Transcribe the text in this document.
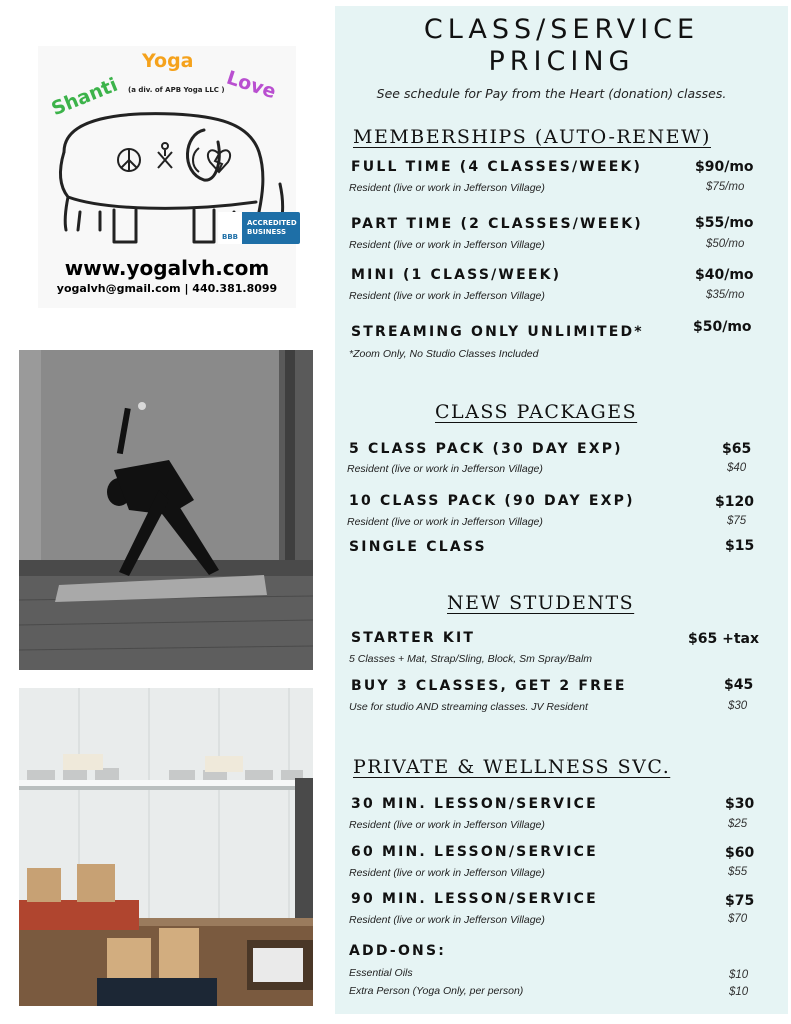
Shanti
Yoga
Love
(a div. of APB Yoga LLC )
BBB
ACCREDITED
BUSINESS
www.yogalvh.com
yogalvh@gmail.com | 440.381.8099
CLASS/SERVICE
PRICING
See schedule for Pay from the Heart (donation) classes.
MEMBERSHIPS (AUTO-RENEW)
FULL TIME (4 CLASSES/WEEK)	$90/mo
Resident (live or work in Jefferson Village)	$75/mo
PART TIME (2 CLASSES/WEEK)	$55/mo
Resident (live or work in Jefferson Village)	$50/mo
MINI (1 CLASS/WEEK)	$40/mo
Resident (live or work in Jefferson Village)	$35/mo
STREAMING ONLY UNLIMITED*	$50/mo
*Zoom Only, No Studio Classes Included
CLASS PACKAGES
5 CLASS PACK (30 DAY EXP)	$65
Resident (live or work in Jefferson Village)	$40
10 CLASS PACK (90 DAY EXP)	$120
Resident (live or work in Jefferson Village)	$75
SINGLE CLASS	$15
NEW STUDENTS
STARTER KIT	$65 +tax
5 Classes + Mat, Strap/Sling, Block, Sm Spray/Balm
BUY 3 CLASSES, GET 2 FREE	$45
Use for studio AND streaming classes. JV Resident	$30
PRIVATE & WELLNESS SVC.
30 MIN. LESSON/SERVICE	$30
Resident (live or work in Jefferson Village)	$25
60 MIN. LESSON/SERVICE	$60
Resident (live or work in Jefferson Village)	$55
90 MIN. LESSON/SERVICE	$75
Resident (live or work in Jefferson Village)	$70
ADD-ONS:
Essential Oils	$10
Extra Person (Yoga Only, per person)	$10
